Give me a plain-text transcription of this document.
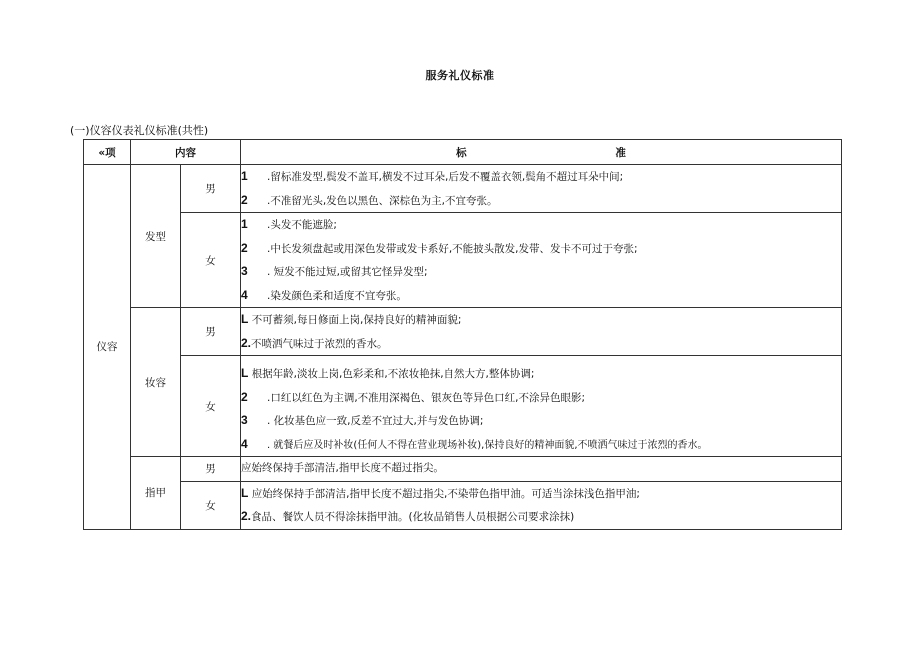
服务礼仪标准
(一)仪容仪表礼仪标准(共性)
«项	内容		标 准
仪容	发型	男	1 .留标准发型,鬓发不盖耳,横发不过耳朵,后发不覆盖衣领,鬓角不超过耳朵中间;
2 .不准留光头,发色以黑色、深棕色为主,不宜夸张。

		女	1 .头发不能遮脸;
2 .中长发须盘起或用深色发带或发卡系好,不能披头散发,发带、发卡不可过于夸张;
3 . 短发不能过短,或留其它怪异发型;
4 .染发颜色柔和适度不宜夸张。

	妆容	男	L 不可蓄须,每日修面上岗,保持良好的精神面貌;
2.不喷洒气味过于浓烈的香水。

		女	L 根据年龄,淡妆上岗,色彩柔和,不浓妆艳抹,自然大方,整体协调;
2 .口红以红色为主调,不准用深褐色、银灰色等异色口红,不涂异色眼影;
3 . 化妆基色应一致,反差不宜过大,并与发色协调;
4 . 就餐后应及时补妆(任何人不得在营业现场补妆),保持良好的精神面貌,不喷洒气味过于浓烈的香水。

	指甲	男	应始终保持手部清洁,指甲长度不超过指尖。

		女	L 应始终保持手部清洁,指甲长度不超过指尖,不染带色指甲油。可适当涂抹浅色指甲油;
2.食品、餐饮人员不得涂抹指甲油。(化妆品销售人员根据公司要求涂抹)
